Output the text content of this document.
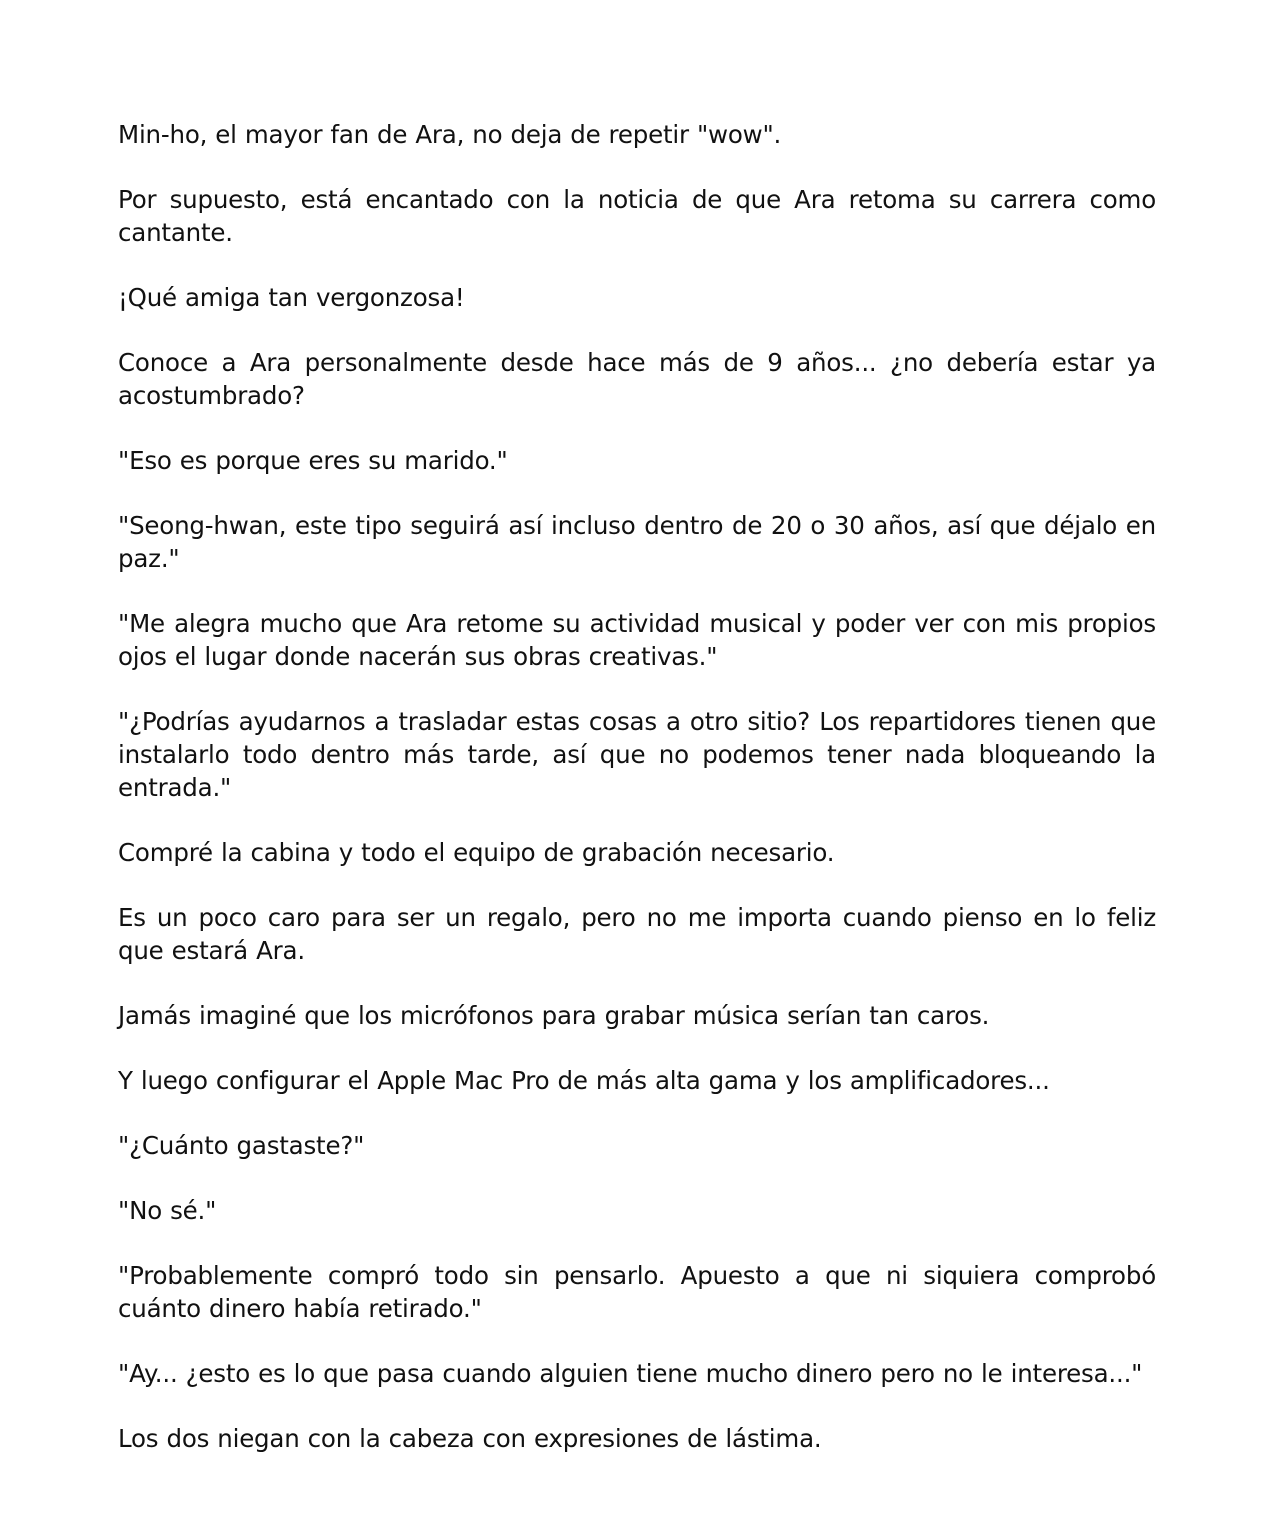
Min-ho, el mayor fan de Ara, no deja de repetir "wow".

Por supuesto, está encantado con la noticia de que Ara retoma su carrera como cantante.

¡Qué amiga tan vergonzosa!

Conoce a Ara personalmente desde hace más de 9 años... ¿no debería estar ya acostumbrado?

"Eso es porque eres su marido."

"Seong-hwan, este tipo seguirá así incluso dentro de 20 o 30 años, así que déjalo en paz."

"Me alegra mucho que Ara retome su actividad musical y poder ver con mis propios ojos el lugar donde nacerán sus obras creativas."

"¿Podrías ayudarnos a trasladar estas cosas a otro sitio? Los repartidores tienen que instalarlo todo dentro más tarde, así que no podemos tener nada bloqueando la entrada."

Compré la cabina y todo el equipo de grabación necesario.

Es un poco caro para ser un regalo, pero no me importa cuando pienso en lo feliz que estará Ara.

Jamás imaginé que los micrófonos para grabar música serían tan caros.

Y luego configurar el Apple Mac Pro de más alta gama y los amplificadores...

"¿Cuánto gastaste?"

"No sé."

"Probablemente compró todo sin pensarlo. Apuesto a que ni siquiera comprobó cuánto dinero había retirado."

"Ay... ¿esto es lo que pasa cuando alguien tiene mucho dinero pero no le interesa..."

Los dos niegan con la cabeza con expresiones de lástima.
